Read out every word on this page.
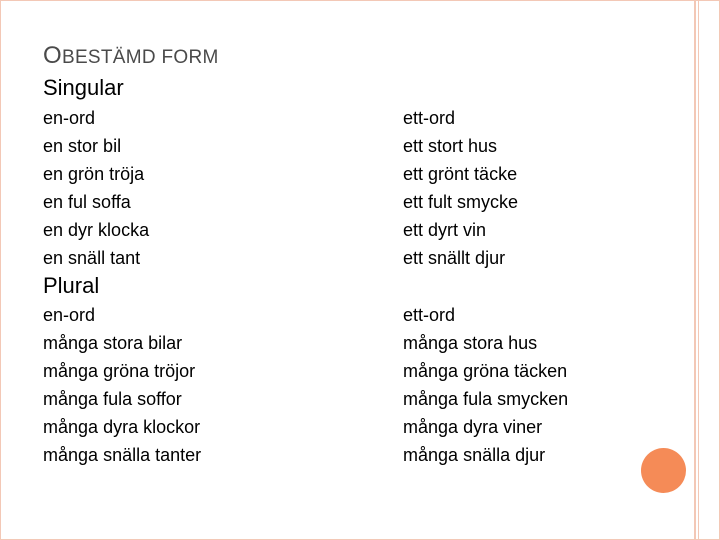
OBESTÄMD FORM
Singular
en-ord
en stor bil
en grön tröja
en ful soffa
en dyr klocka
en snäll tant
ett-ord
ett stort hus
ett grönt täcke
ett fult smycke
ett dyrt vin
ett snällt djur
Plural
en-ord
många stora bilar
många gröna tröjor
många fula soffor
många dyra klockor
många snälla tanter
ett-ord
många stora hus
många gröna täcken
många fula smycken
många dyra viner
många snälla djur
